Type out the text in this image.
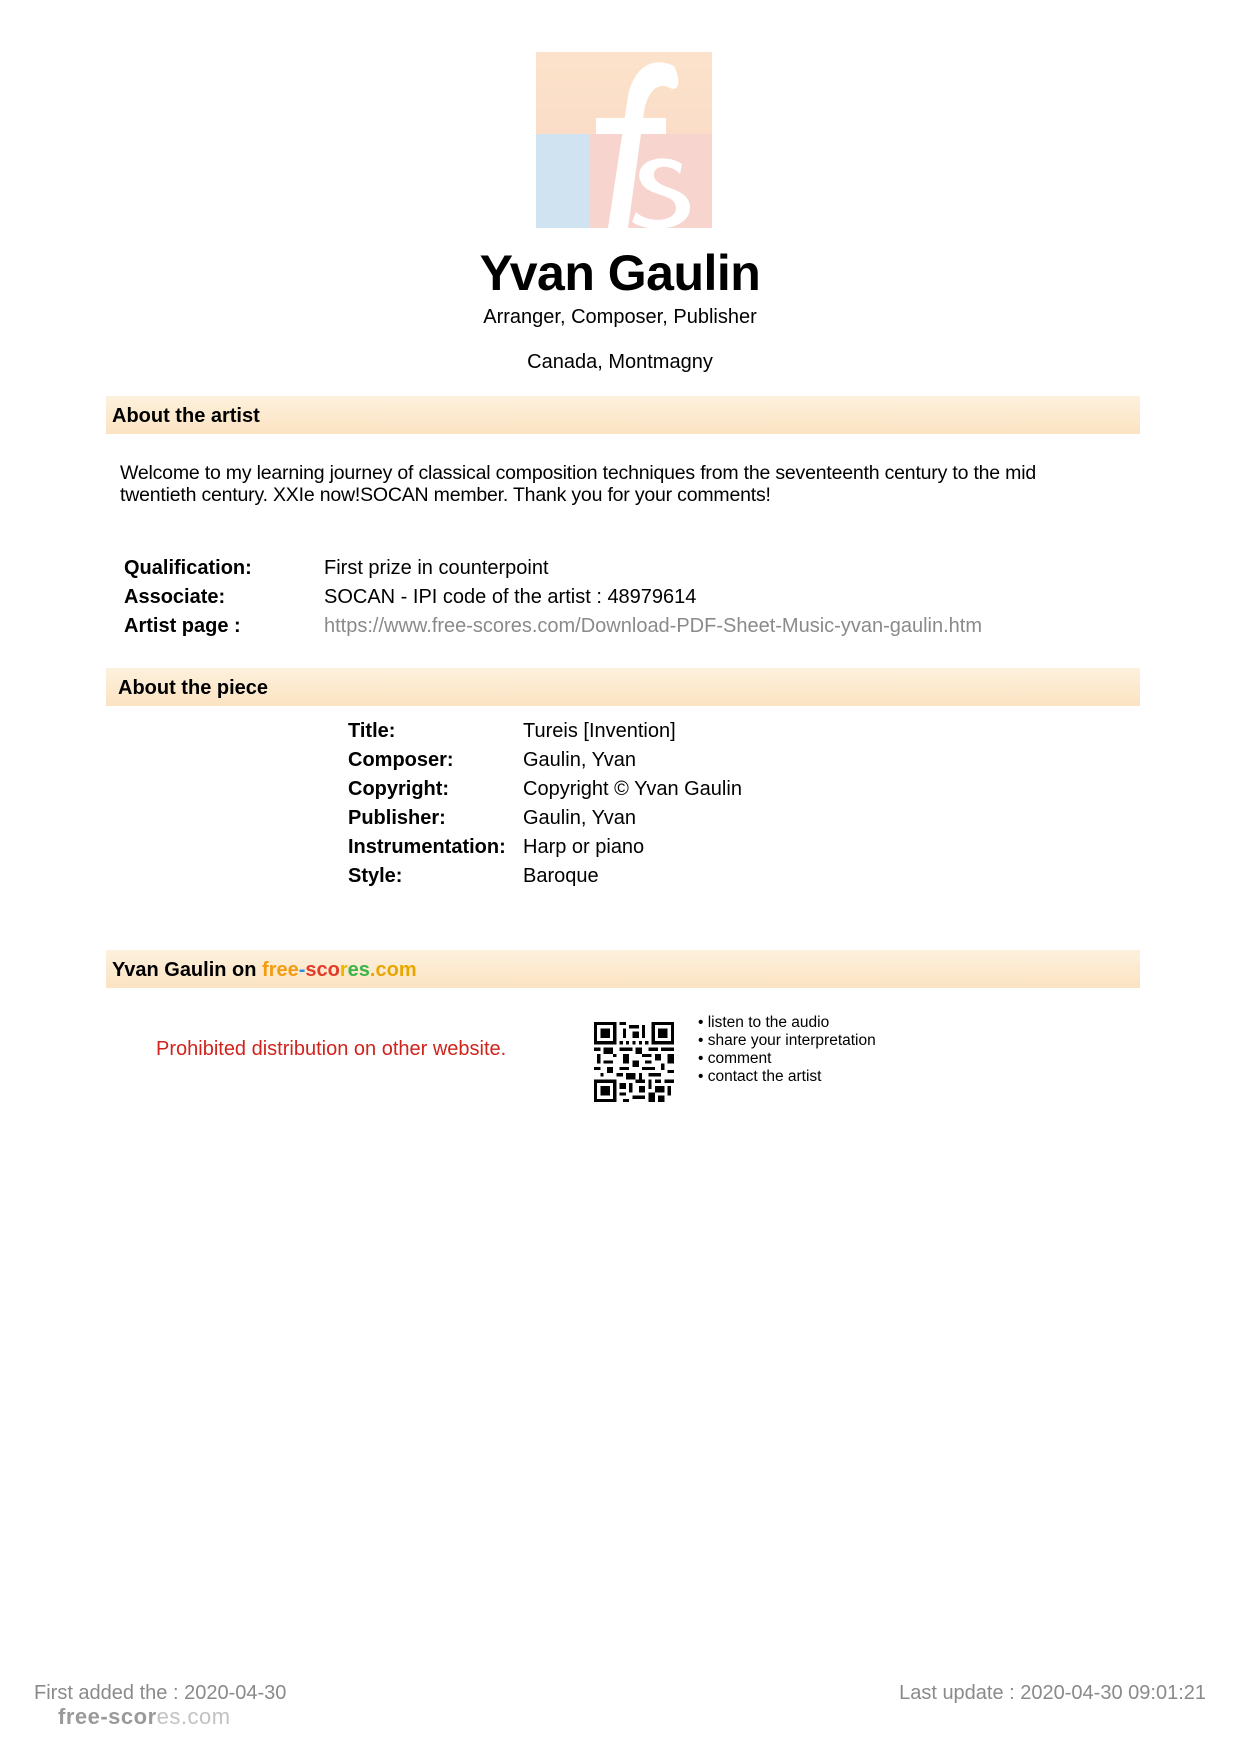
Yvan Gaulin
Arranger, Composer, Publisher
Canada, Montmagny
About the artist
Welcome to my learning journey of classical composition techniques from the seventeenth century to the mid twentieth century. XXIe now!SOCAN member. Thank you for your comments!
Qualification:	First prize in counterpoint
Associate:	SOCAN - IPI code of the artist : 48979614
Artist page :	https://www.free-scores.com/Download-PDF-Sheet-Music-yvan-gaulin.htm
About the piece
Title:	Tureis [Invention]
Composer:	Gaulin, Yvan
Copyright:	Copyright © Yvan Gaulin
Publisher:	Gaulin, Yvan
Instrumentation:	Harp or piano
Style:	Baroque
Yvan Gaulin on free-scores.com
Prohibited distribution on other website.
• listen to the audio
• share your interpretation
• comment
• contact the artist
First added the : 2020-04-30	Last update : 2020-04-30 09:01:21
free-scores.com
